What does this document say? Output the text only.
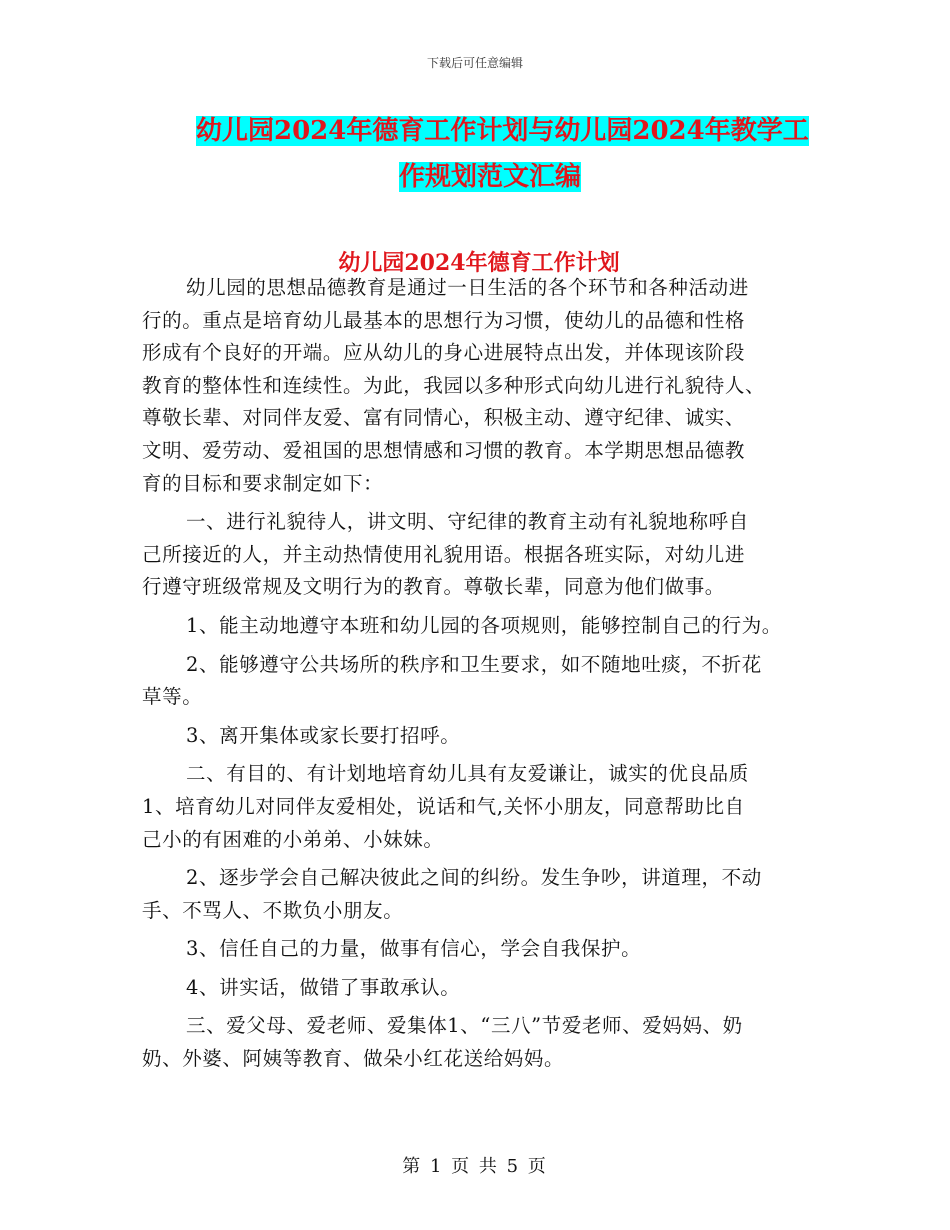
下载后可任意编辑
幼儿园2024年德育工作计划与幼儿园2024年教学工
作规划范文汇编
幼儿园2024年德育工作计划
幼儿园的思想品德教育是通过一日生活的各个环节和各种活动进
行的。重点是培育幼儿最基本的思想行为习惯，使幼儿的品德和性格
形成有个良好的开端。应从幼儿的身心进展特点出发，并体现该阶段
教育的整体性和连续性。为此，我园以多种形式向幼儿进行礼貌待人、
尊敬长辈、对同伴友爱、富有同情心，积极主动、遵守纪律、诚实、
文明、爱劳动、爱祖国的思想情感和习惯的教育。本学期思想品德教
育的目标和要求制定如下：
一、进行礼貌待人，讲文明、守纪律的教育主动有礼貌地称呼自
己所接近的人，并主动热情使用礼貌用语。根据各班实际，对幼儿进
行遵守班级常规及文明行为的教育。尊敬长辈，同意为他们做事。
1、能主动地遵守本班和幼儿园的各项规则，能够控制自己的行为。
2、能够遵守公共场所的秩序和卫生要求，如不随地吐痰，不折花
草等。
3、离开集体或家长要打招呼。
二、有目的、有计划地培育幼儿具有友爱谦让，诚实的优良品质
1、培育幼儿对同伴友爱相处，说话和气,关怀小朋友，同意帮助比自
己小的有困难的小弟弟、小妹妹。
2、逐步学会自己解决彼此之间的纠纷。发生争吵，讲道理，不动
手、不骂人、不欺负小朋友。
3、信任自己的力量，做事有信心，学会自我保护。
4、讲实话，做错了事敢承认。
三、爱父母、爱老师、爱集体1、“三八”节爱老师、爱妈妈、奶
奶、外婆、阿姨等教育、做朵小红花送给妈妈。
第 1 页 共 5 页
